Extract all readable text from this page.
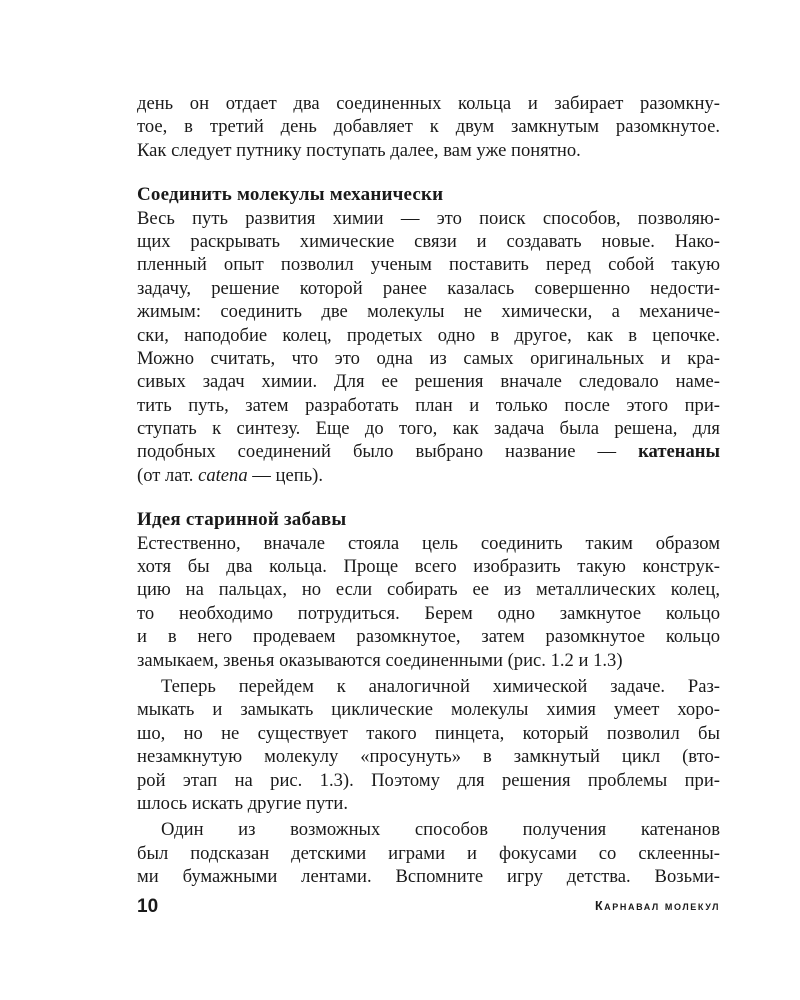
день он отдает два соединенных кольца и забирает разомкну-
тое, в третий день добавляет к двум замкнутым разомкнутое.
Как следует путнику поступать далее, вам уже понятно.
Соединить молекулы механически
Весь путь развития химии — это поиск способов, позволяю-
щих раскрывать химические связи и создавать новые. Нако-
пленный опыт позволил ученым поставить перед собой такую
задачу, решение которой ранее казалась совершенно недости-
жимым: соединить две молекулы не химически, а механиче-
ски, наподобие колец, продетых одно в другое, как в цепочке.
Можно считать, что это одна из самых оригинальных и кра-
сивых задач химии. Для ее решения вначале следовало наме-
тить путь, затем разработать план и только после этого при-
ступать к синтезу. Еще до того, как задача была решена, для
подобных соединений было выбрано название — катенаны
(от лат. catena — цепь).
Идея старинной забавы
Естественно, вначале стояла цель соединить таким образом
хотя бы два кольца. Проще всего изобразить такую конструк-
цию на пальцах, но если собирать ее из металлических колец,
то необходимо потрудиться. Берем одно замкнутое кольцо
и в него продеваем разомкнутое, затем разомкнутое кольцо
замыкаем, звенья оказываются соединенными (рис. 1.2 и 1.3)
Теперь перейдем к аналогичной химической задаче. Раз-
мыкать и замыкать циклические молекулы химия умеет хоро-
шо, но не существует такого пинцета, который позволил бы
незамкнутую молекулу «просунуть» в замкнутый цикл (вто-
рой этап на рис. 1.3). Поэтому для решения проблемы при-
шлось искать другие пути.
Один из возможных способов получения катенанов
был подсказан детскими играми и фокусами со склеенны-
ми бумажными лентами. Вспомните игру детства. Возьми-
10	Карнавал молекул
